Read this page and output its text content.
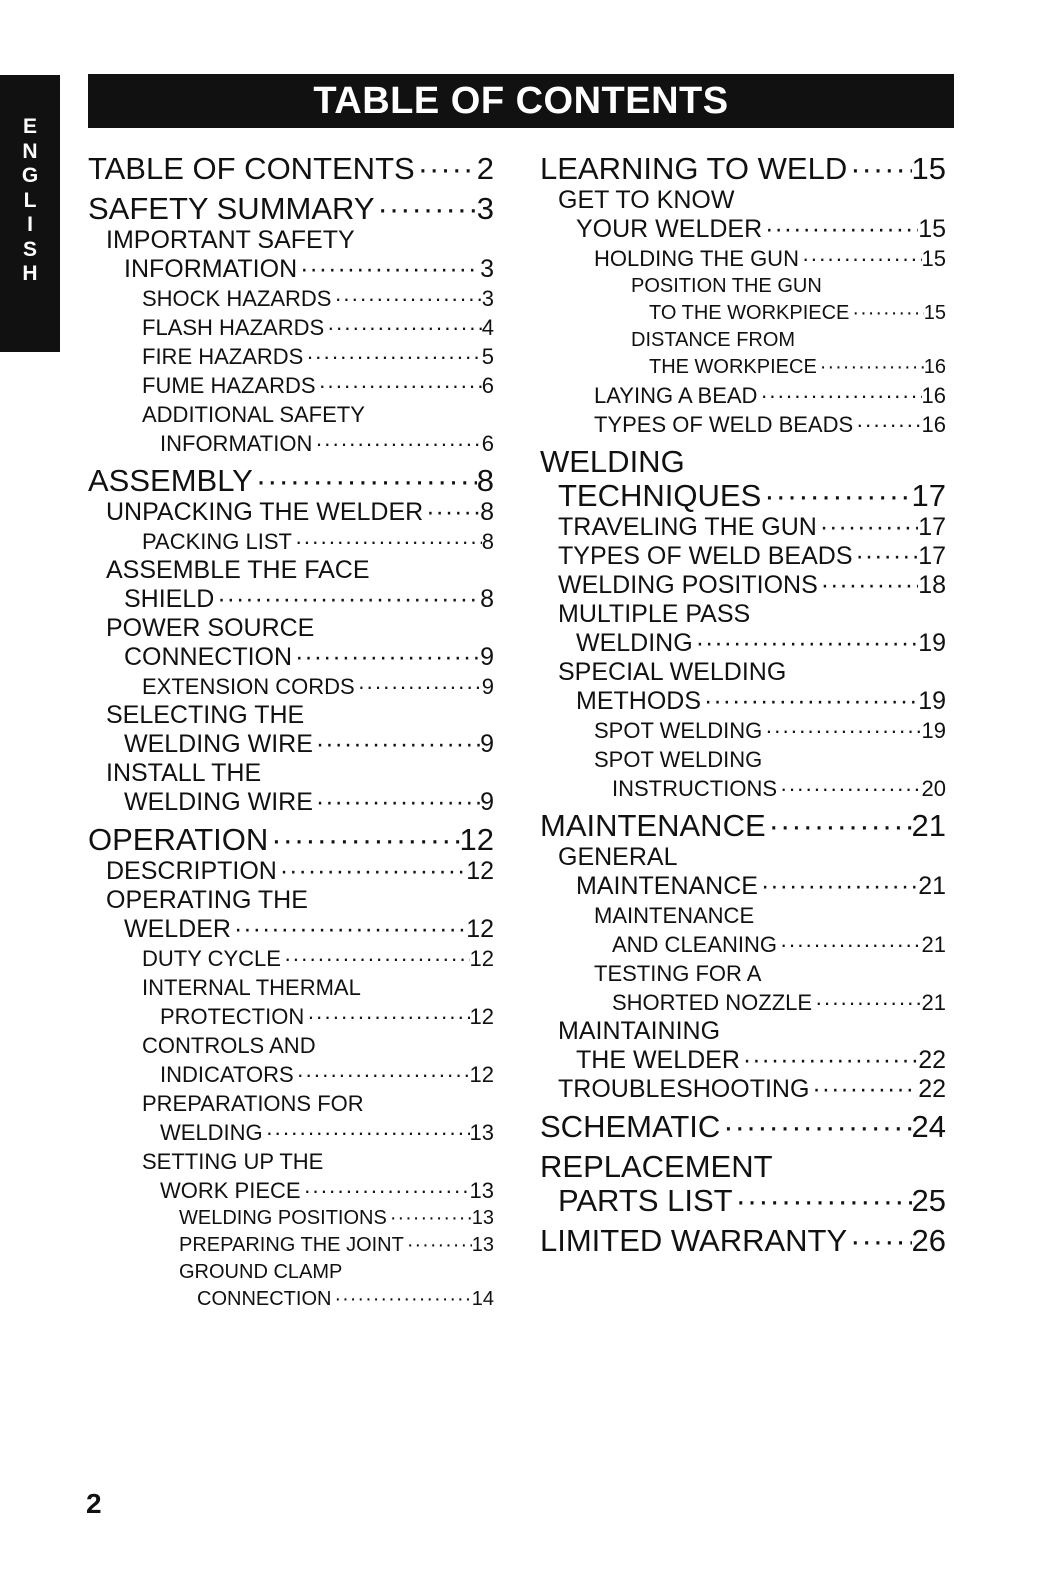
E
N
G
L
I
S
H
TABLE OF CONTENTS
TABLE OF CONTENTS ····· 2
SAFETY SUMMARY ·····	3
IMPORTANT SAFETY
INFORMATION ·····	3
SHOCK HAZARDS ·····	3
FLASH HAZARDS ·····	4
FIRE HAZARDS ·····	5
FUME HAZARDS ·····	6
ADDITIONAL SAFETY
INFORMATION ·····	6
ASSEMBLY ·····	8
UNPACKING THE WELDER ····· 8
PACKING LIST ·····	8
ASSEMBLE THE FACE
SHIELD ·····	8
POWER SOURCE
CONNECTION ·····	9
EXTENSION CORDS ·····	9
SELECTING THE
WELDING WIRE ·····	9
INSTALL THE
WELDING WIRE ·····	9
OPERATION ·····	12
DESCRIPTION ·····	12
OPERATING THE
WELDER ·····	12
DUTY CYCLE ·····	12
INTERNAL THERMAL
PROTECTION ·····	12
CONTROLS AND
INDICATORS ·····	12
PREPARATIONS FOR
WELDING ·····	13
SETTING UP THE
WORK PIECE ·····	13
WELDING POSITIONS ·····	13
PREPARING THE JOINT ·····	13
GROUND CLAMP
CONNECTION ·····	14
LEARNING TO WELD ····· 15
GET TO KNOW
YOUR WELDER ·····	15
HOLDING THE GUN ·····	15
POSITION THE GUN
TO THE WORKPIECE ·····	15
DISTANCE FROM
THE WORKPIECE ·····	16
LAYING A BEAD ·····	16
TYPES OF WELD BEADS ·····	16
WELDING
TECHNIQUES ·····	17
TRAVELING THE GUN ·····	17
TYPES OF WELD BEADS ·····	17
WELDING POSITIONS ·····	18
MULTIPLE PASS
WELDING ·····	19
SPECIAL WELDING
METHODS ·····	19
SPOT WELDING ·····	19
SPOT WELDING
INSTRUCTIONS ·····	20
MAINTENANCE ·····	21
GENERAL
MAINTENANCE ·····	21
MAINTENANCE
AND CLEANING ·····	21
TESTING FOR A
SHORTED NOZZLE ·····	21
MAINTAINING
THE WELDER ·····	22
TROUBLESHOOTING ·····	22
SCHEMATIC ·····	24
REPLACEMENT
PARTS LIST ·····	25
LIMITED WARRANTY ····· 26
2
